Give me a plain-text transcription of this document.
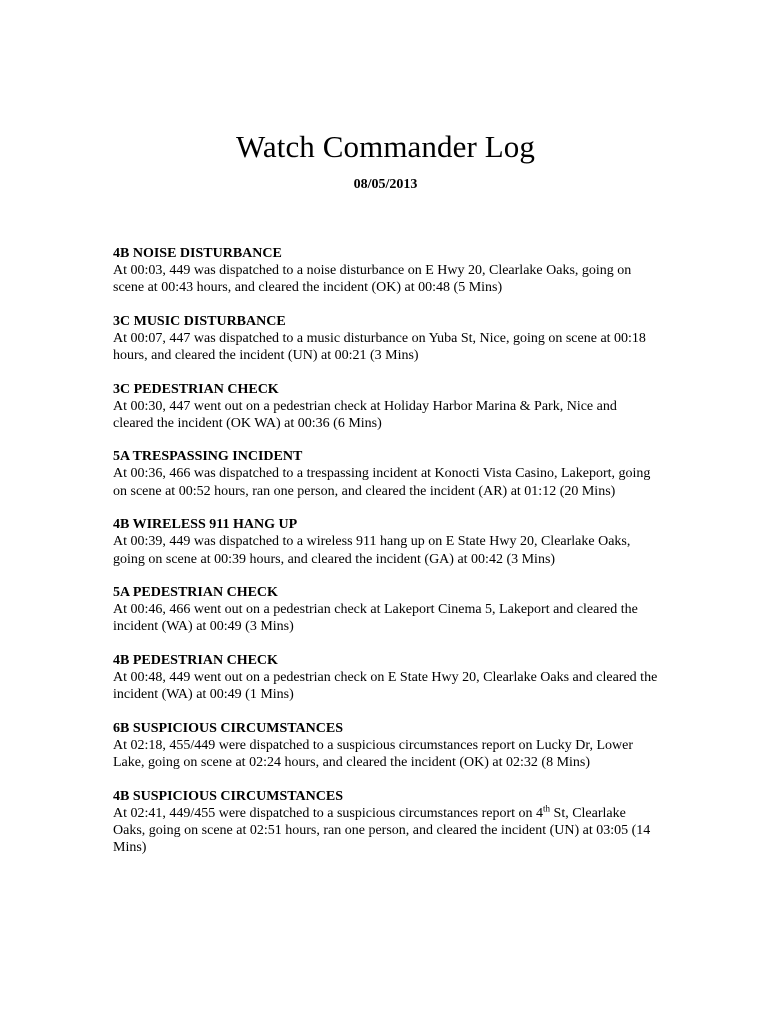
Watch Commander Log

08/05/2013

4B NOISE DISTURBANCE

At 00:03, 449 was dispatched to a noise disturbance on E Hwy 20, Clearlake Oaks, going on scene at 00:43 hours, and cleared the incident (OK) at 00:48 (5 Mins)

3C MUSIC DISTURBANCE

At 00:07, 447 was dispatched to a music disturbance on Yuba St, Nice, going on scene at 00:18 hours, and cleared the incident (UN) at 00:21 (3 Mins)

3C PEDESTRIAN CHECK

At 00:30, 447 went out on a pedestrian check at Holiday Harbor Marina & Park, Nice and cleared the incident (OK WA) at 00:36 (6 Mins)

5A TRESPASSING INCIDENT

At 00:36, 466 was dispatched to a trespassing incident at Konocti Vista Casino, Lakeport, going on scene at 00:52 hours, ran one person, and cleared the incident (AR) at 01:12 (20 Mins)

4B WIRELESS 911 HANG UP

At 00:39, 449 was dispatched to a wireless 911 hang up on E State Hwy 20, Clearlake Oaks, going on scene at 00:39 hours, and cleared the incident (GA) at 00:42 (3 Mins)

5A PEDESTRIAN CHECK

At 00:46, 466 went out on a pedestrian check at Lakeport Cinema 5, Lakeport and cleared the incident (WA) at 00:49 (3 Mins)

4B PEDESTRIAN CHECK

At 00:48, 449 went out on a pedestrian check on E State Hwy 20, Clearlake Oaks and cleared the incident (WA) at 00:49 (1 Mins)

6B SUSPICIOUS CIRCUMSTANCES

At 02:18, 455/449 were dispatched to a suspicious circumstances report on Lucky Dr, Lower Lake, going on scene at 02:24 hours, and cleared the incident (OK) at 02:32 (8 Mins)

4B SUSPICIOUS CIRCUMSTANCES

At 02:41, 449/455 were dispatched to a suspicious circumstances report on 4th St, Clearlake Oaks, going on scene at 02:51 hours, ran one person, and cleared the incident (UN) at 03:05 (14 Mins)
